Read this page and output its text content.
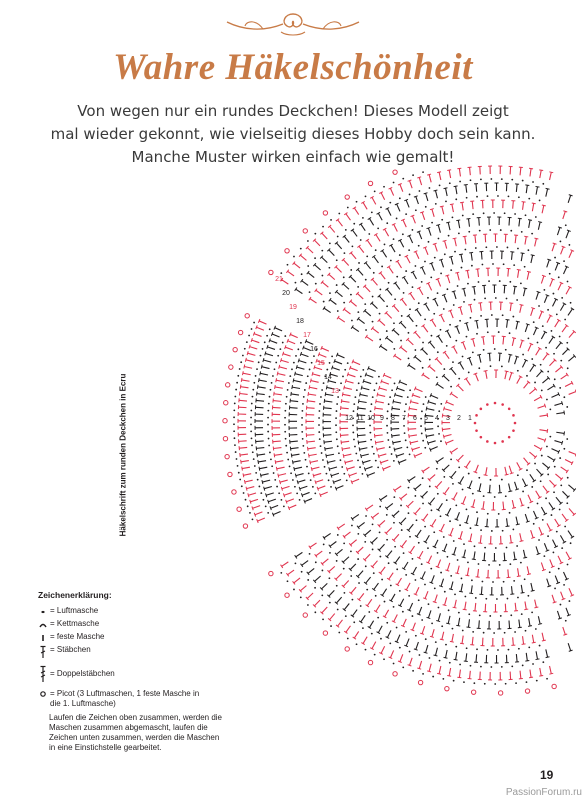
Wahre Häkelschönheit
Von wegen nur ein rundes Deckchen! Dieses Modell zeigt
mal wieder gekonnt, wie vielseitig dieses Hobby doch sein kann.
Manche Muster wirken einfach wie gemalt!
1
2
3
4
5
6
7
8
9
10
11
12
13
14
15
16
17
18
19
20
21
Häkelschrift zum runden Deckchen in Ecru
Zeichenerklärung:
= Luftmasche
= Kettmasche
= feste Masche
= Stäbchen
= Doppelstäbchen
= Picot (3 Luftmaschen, 1 feste Masche in die 1. Luftmasche)
Laufen die Zeichen oben zusammen, werden die Maschen zusammen abgemascht, laufen die Zeichen unten zusammen, werden die Maschen in eine Einstichstelle gearbeitet.
19
PassionForum.ru
